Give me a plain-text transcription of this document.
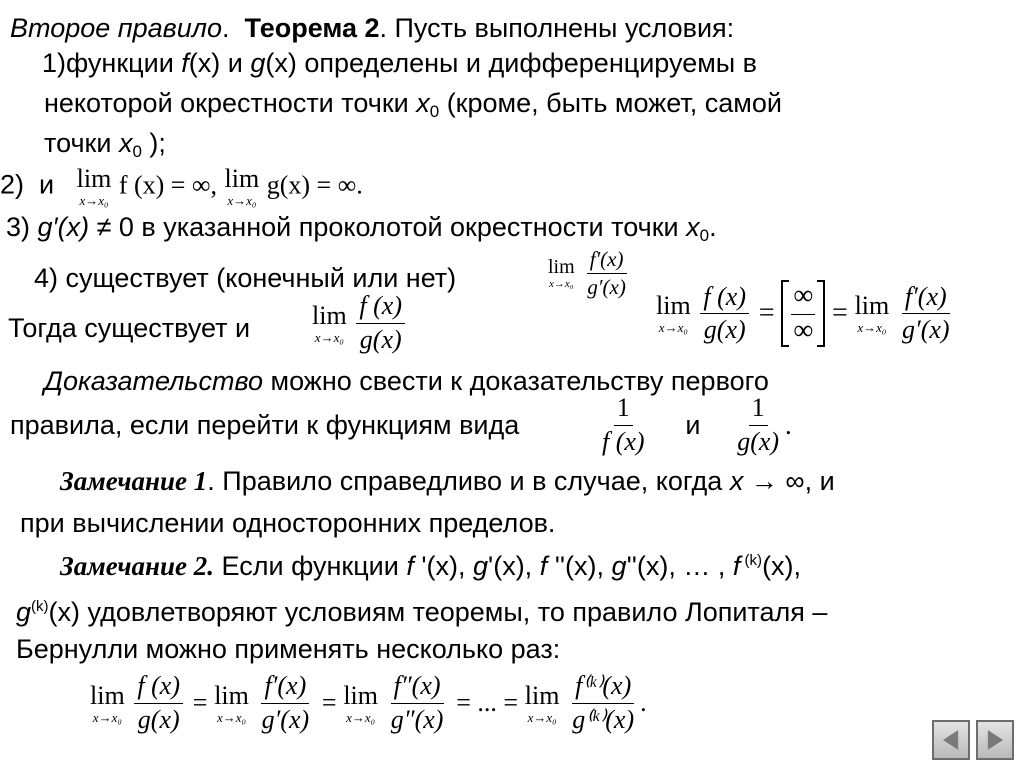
Второе правило. Теорема 2. Пусть выполнены условия:
1)функции f(x) и g(x) определены и дифференцируемы в
некоторой окрестности точки $x_0$ (кроме, быть может, самой
точки $x_0$ );
2) и lim
x→x₀
f (x) = ∞, lim
x→x₀
g(x) = ∞.
3) g′(x) ≠ 0 в указанной проколотой окрестности точки $x_0$.
4) существует (конечный или нет)	lim
x→x₀
$\frac{f'(x)}{g'(x)}$
Тогда существует и lim
x→x₀
$\frac{f (x)}{g(x)}$	lim
x→x₀
$\frac{f (x)}{g(x)}$ =
∞
∞
= lim
x→x₀
$\frac{f'(x)}{g'(x)}$
Доказательство можно свести к доказательству первого
правила, если перейти к функциям вида	$\frac{1}{f (x)}$ и $\frac{1}{g(x)}$ .
Замечание 1. Правило справедливо и в случае, когда x → ∞, и
при вычислении односторонних пределов.
Замечание 2. Если функции f '(x), g'(x), f ''(x), g''(x), … , f $^{(k)}$(x),
$g^{(k)}(x)$ удовлетворяют условиям теоремы, то правило Лопиталя –
Бернулли можно применять несколько раз:
lim
x→x₀
$\frac{f (x)}{g(x)} = \lim$
x→x₀
$\frac{f'(x)}{g'(x)} = \lim$
x→x₀
$\frac{f''(x)}{g''(x)}$ = ... = lim
x→x₀
$\frac{\text{f⁽ᵏ⁾(x)}}{\text{g⁽ᵏ⁾(x)}}$ .
